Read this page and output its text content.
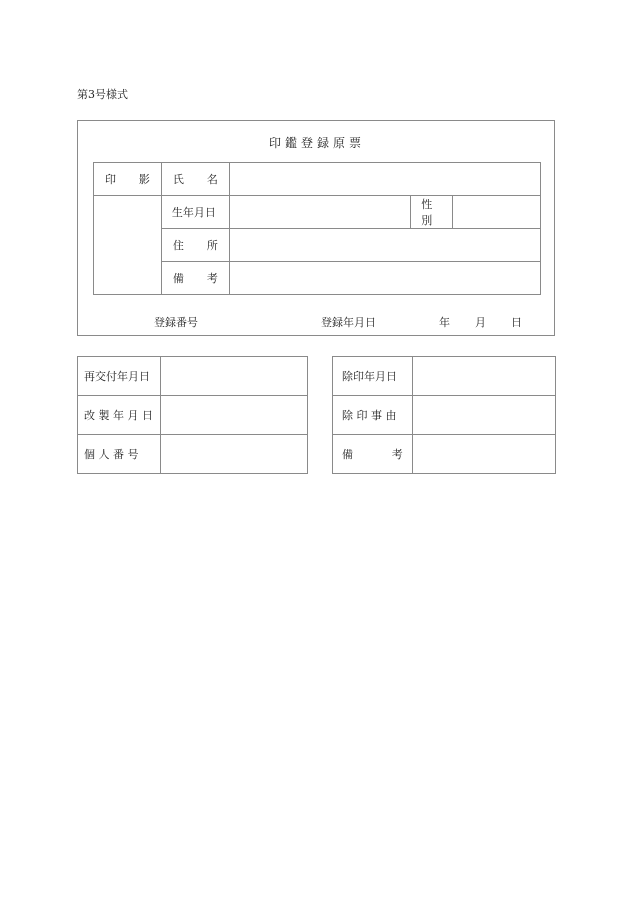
第3号様式
印鑑登録原票
印 影	氏 名			

	生年月日		性別	

	住 所			

	備 考			

登録番号	登録年月日	年 月 日
再交付年月日	

改 製 年 月 日	

個 人 番 号	

除印年月日	

除 印 事 由	

備 考	
